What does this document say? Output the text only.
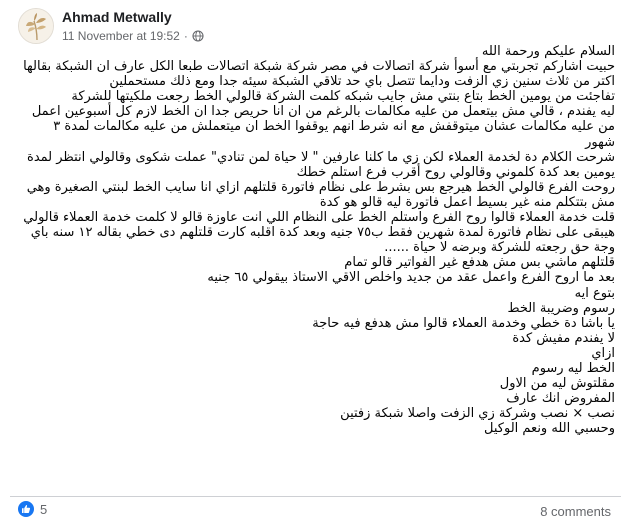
Ahmad Metwally
11 November at 19:52 ·

السلام عليكم ورحمة الله

حبيت اشاركم تجربتي مع أسوأ شركة اتصالات في مصر شركة شبكة اتصالات طبعا الكل عارف ان الشبكة بقالها

اكتر من ثلاث سنين زي الزفت ودايما تتصل باي حد تلاقي الشبكة سيئه جدا ومع ذلك مستحملين

تفاجئت من يومين الخط بتاع بنتي مش جايب شبكه كلمت الشركة قالولي الخط رجعت ملكيتها للشركة

ليه يفندم ، قالي مش بيتعمل من عليه مكالمات بالرغم من ان انا حريص جدا ان الخط لازم كل أسبوعين اعمل

من عليه مكالمات عشان ميتوقفش مع انه شرط انهم يوقفوا الخط ان ميتعملش من عليه مكالمات لمدة ٣

شهور

شرحت الكلام دة لخدمة العملاء لكن زي ما كلنا عارفين " لا حياة لمن تنادي" عملت شكوى وقالولي انتظر لمدة

يومين بعد كدة كلموني وقالولي روح أقرب فرع استلم خطك

روحت الفرع قالولي الخط هيرجع بس بشرط على نظام فاتورة قلتلهم ازاي انا سايب الخط لبنتي الصغيرة وهي

مش بتتكلم منه غير بسيط اعمل فاتورة ليه قالو هو كدة

قلت خدمة العملاء قالوا روح الفرع واستلم الخط على النظام اللي انت عاوزة قالو لا كلمت خدمة العملاء قالولي

هيبقى على نظام فاتورة لمدة شهرين فقط ب٧٥ جنيه وبعد كدة اقلبه كارت قلتلهم دى خطي بقاله ١٢ سنه باي

وجة حق رجعته للشركة وبرضه لا حياة ......

قلتلهم ماشي بس مش هدفع غير الفواتير قالو تمام

بعد ما اروح الفرع واعمل عقد من جديد واخلص الاقي الاستاذ بيقولي ٦٥ جنيه

بتوع ايه

رسوم وضريبة الخط

يا باشا دة خطي وخدمة العملاء قالوا مش هدفع فيه حاجة

لا يفندم مفيش كدة

ازاي

الخط ليه رسوم

مقلتوش ليه من الاول

المفروض انك عارف

نصب × نصب وشركة زي الزفت واصلا شبكة زفتين

وحسبي الله ونعم الوكيل

5	8 comments
